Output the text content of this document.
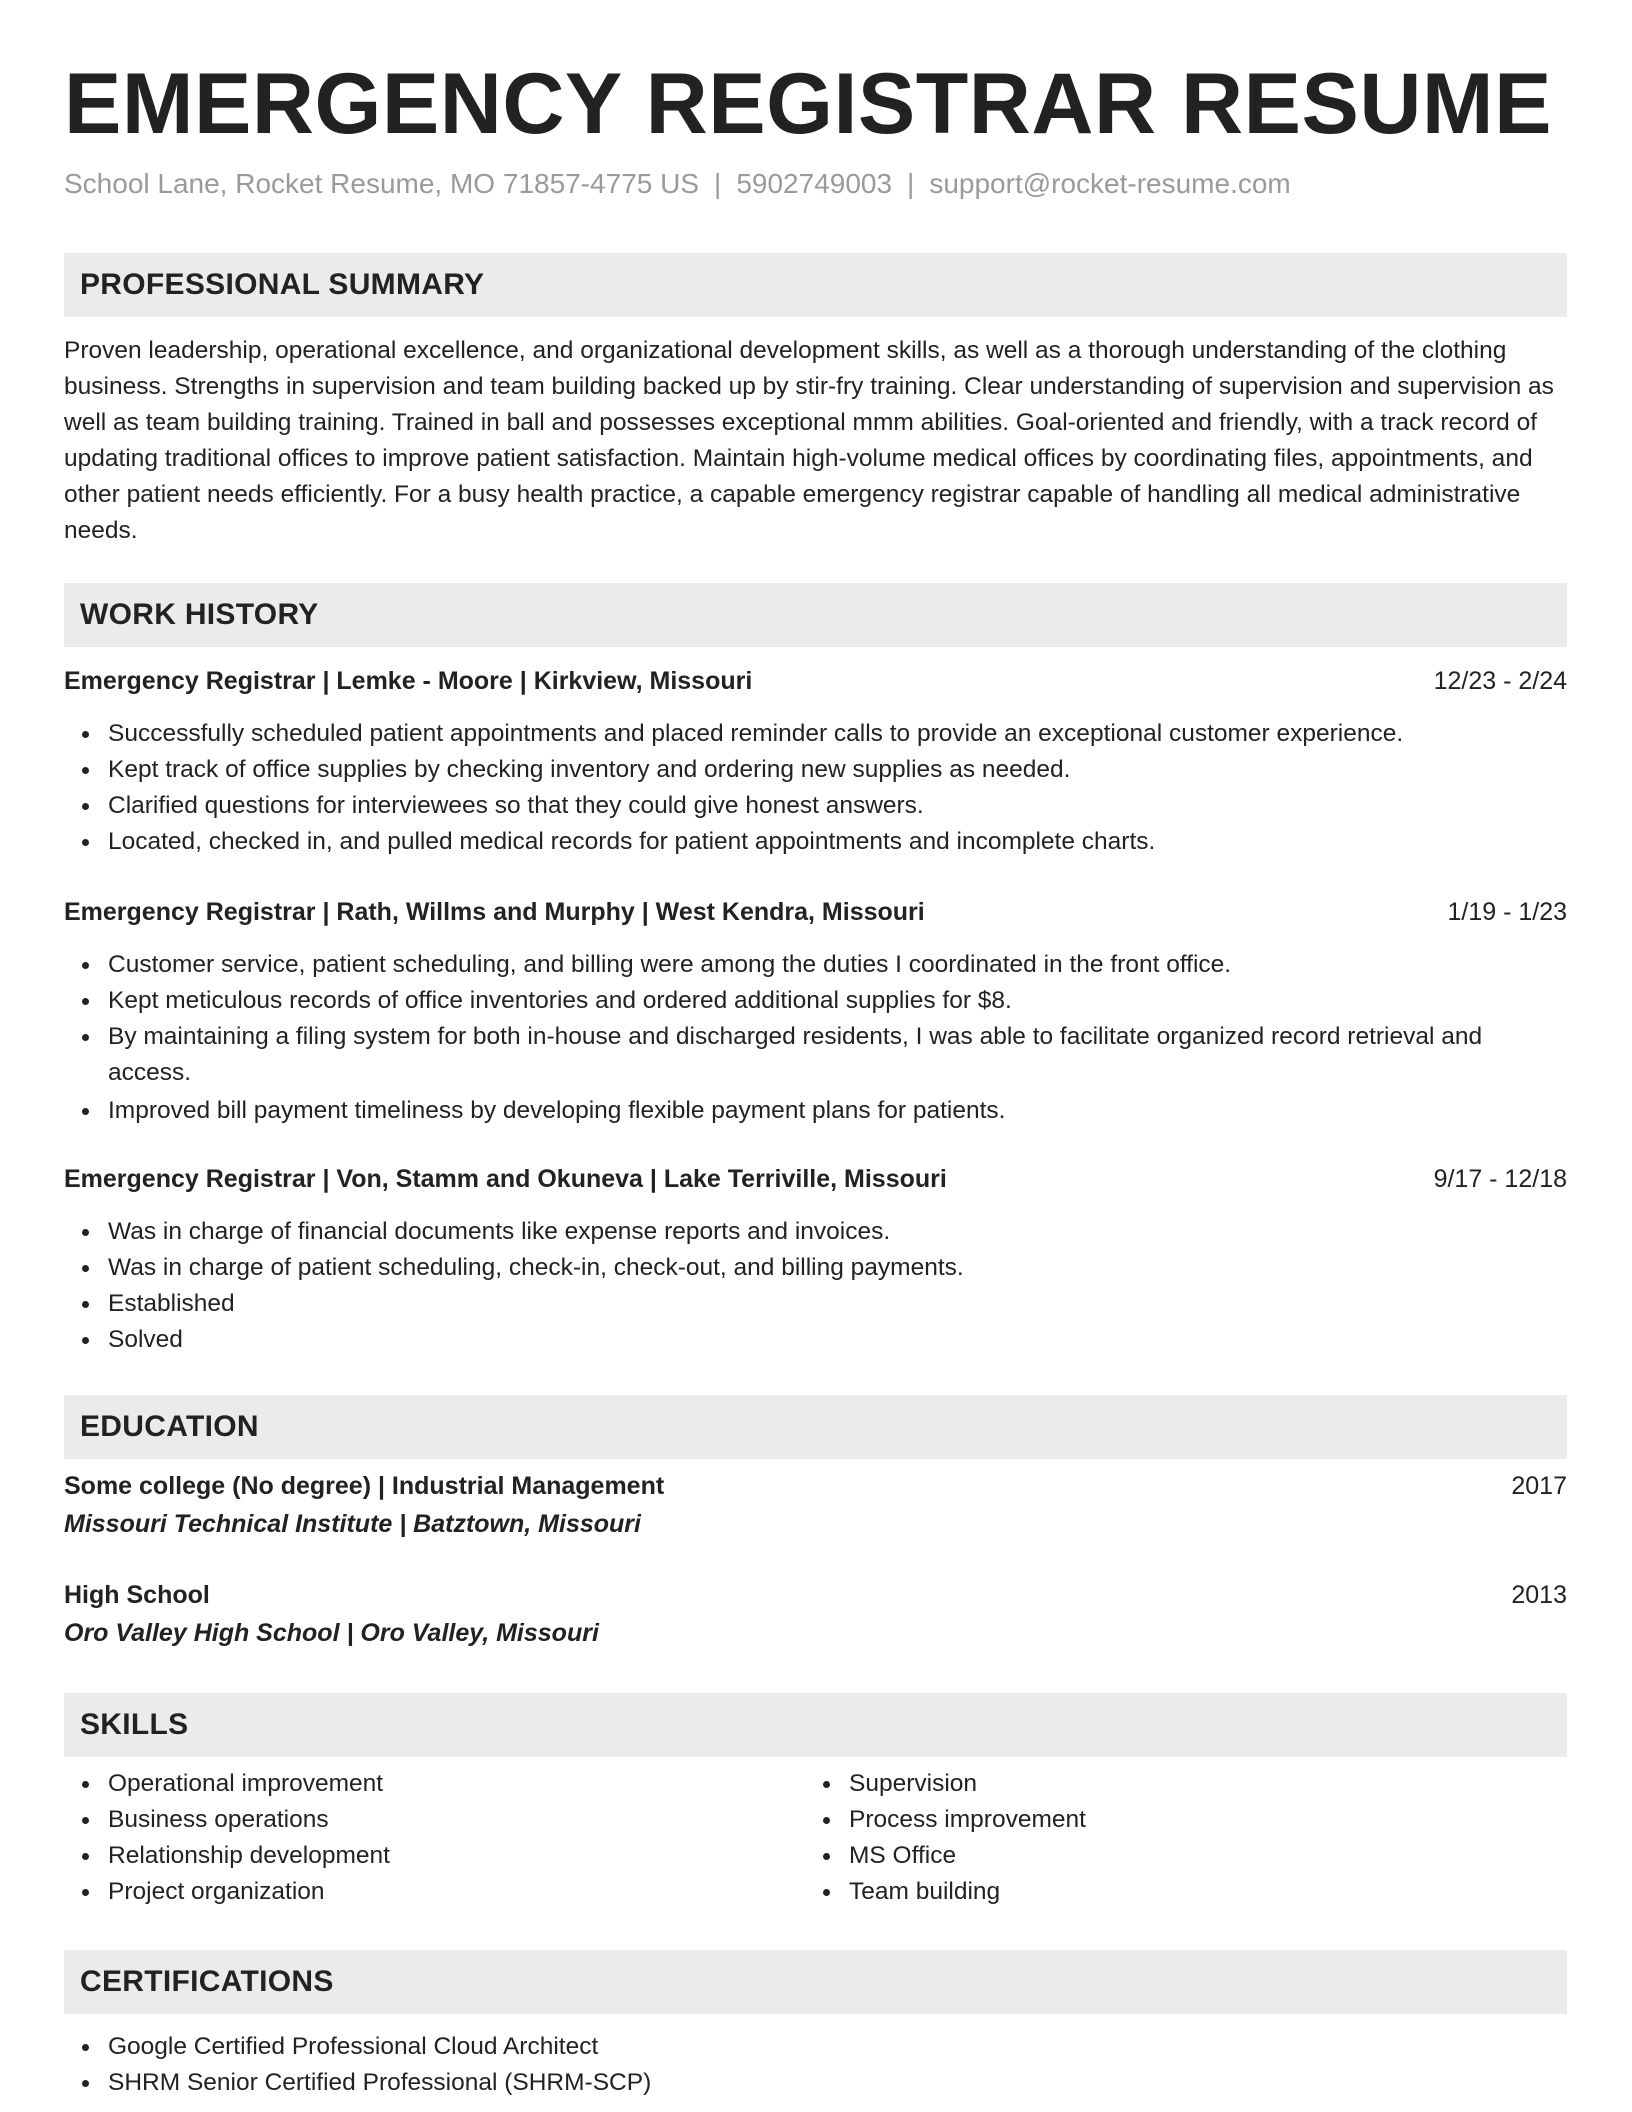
EMERGENCY REGISTRAR RESUME
School Lane, Rocket Resume, MO 71857-4775 US | 5902749003 | support@rocket-resume.com
PROFESSIONAL SUMMARY
Proven leadership, operational excellence, and organizational development skills, as well as a thorough understanding of the clothing business. Strengths in supervision and team building backed up by stir-fry training. Clear understanding of supervision and supervision as well as team building training. Trained in ball and possesses exceptional mmm abilities. Goal-oriented and friendly, with a track record of updating traditional offices to improve patient satisfaction. Maintain high-volume medical offices by coordinating files, appointments, and other patient needs efficiently. For a busy health practice, a capable emergency registrar capable of handling all medical administrative needs.
WORK HISTORY
Emergency Registrar | Lemke - Moore | Kirkview, Missouri	12/23 - 2/24
Successfully scheduled patient appointments and placed reminder calls to provide an exceptional customer experience.
Kept track of office supplies by checking inventory and ordering new supplies as needed.
Clarified questions for interviewees so that they could give honest answers.
Located, checked in, and pulled medical records for patient appointments and incomplete charts.
Emergency Registrar | Rath, Willms and Murphy | West Kendra, Missouri	1/19 - 1/23
Customer service, patient scheduling, and billing were among the duties I coordinated in the front office.
Kept meticulous records of office inventories and ordered additional supplies for $8.
By maintaining a filing system for both in-house and discharged residents, I was able to facilitate organized record retrieval and access.
Improved bill payment timeliness by developing flexible payment plans for patients.
Emergency Registrar | Von, Stamm and Okuneva | Lake Terriville, Missouri	9/17 - 12/18
Was in charge of financial documents like expense reports and invoices.
Was in charge of patient scheduling, check-in, check-out, and billing payments.
Established
Solved
EDUCATION
Some college (No degree) | Industrial Management	2017
Missouri Technical Institute | Batztown, Missouri
High School	2013
Oro Valley High School | Oro Valley, Missouri
SKILLS
Operational improvement
Business operations
Relationship development
Project organization
Supervision
Process improvement
MS Office
Team building
CERTIFICATIONS
Google Certified Professional Cloud Architect
SHRM Senior Certified Professional (SHRM-SCP)
